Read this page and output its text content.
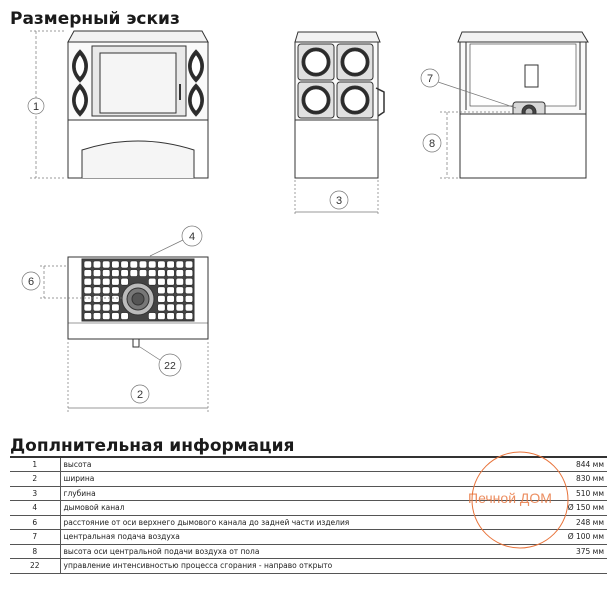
Размерный эскиз
1
3
8
7
2
6
4
22
Доплнительная информация
1	высота	844 мм
2	ширина	830 мм
3	глубина	510 мм
4	дымовой канал	Ø 150 мм
6	расстояние от оси верхнего дымового канала до задней части изделия	248 мм
7	центральная подача воздуха	Ø 100 мм
8	высота оси центральной подачи воздуха от пола	375 мм
22	управление интенсивностью процесса сгорания - направо открыто	
Печной ДОМ
